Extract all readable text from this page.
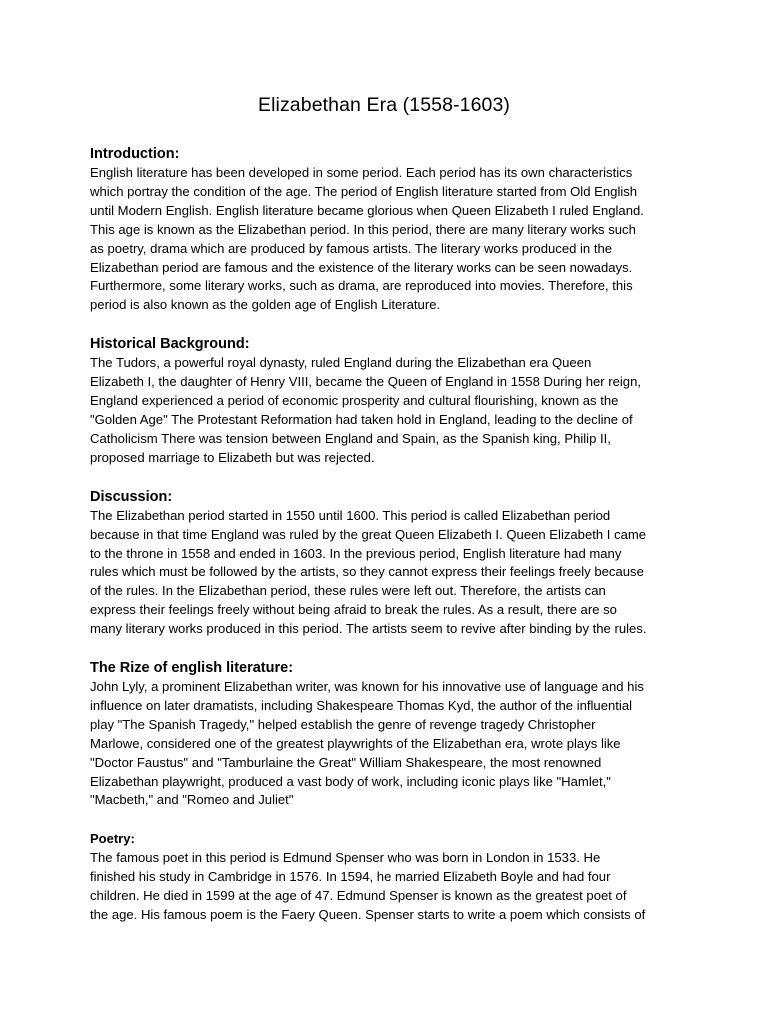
Elizabethan Era (1558-1603)
Introduction:

English literature has been developed in some period. Each period has its own characteristics
which portray the condition of the age. The period of English literature started from Old English
until Modern English. English literature became glorious when Queen Elizabeth I ruled England.
This age is known as the Elizabethan period. In this period, there are many literary works such
as poetry, drama which are produced by famous artists. The literary works produced in the
Elizabethan period are famous and the existence of the literary works can be seen nowadays.
Furthermore, some literary works, such as drama, are reproduced into movies. Therefore, this
period is also known as the golden age of English Literature.

Historical Background:

The Tudors, a powerful royal dynasty, ruled England during the Elizabethan era Queen
Elizabeth I, the daughter of Henry VIII, became the Queen of England in 1558 During her reign,
England experienced a period of economic prosperity and cultural flourishing, known as the
"Golden Age" The Protestant Reformation had taken hold in England, leading to the decline of
Catholicism There was tension between England and Spain, as the Spanish king, Philip II,
proposed marriage to Elizabeth but was rejected.

Discussion:

The Elizabethan period started in 1550 until 1600. This period is called Elizabethan period
because in that time England was ruled by the great Queen Elizabeth I. Queen Elizabeth I came
to the throne in 1558 and ended in 1603. In the previous period, English literature had many
rules which must be followed by the artists, so they cannot express their feelings freely because
of the rules. In the Elizabethan period, these rules were left out. Therefore, the artists can
express their feelings freely without being afraid to break the rules. As a result, there are so
many literary works produced in this period. The artists seem to revive after binding by the rules.

The Rize of english literature:

John Lyly, a prominent Elizabethan writer, was known for his innovative use of language and his
influence on later dramatists, including Shakespeare Thomas Kyd, the author of the influential
play "The Spanish Tragedy," helped establish the genre of revenge tragedy Christopher
Marlowe, considered one of the greatest playwrights of the Elizabethan era, wrote plays like
"Doctor Faustus" and "Tamburlaine the Great" William Shakespeare, the most renowned
Elizabethan playwright, produced a vast body of work, including iconic plays like "Hamlet,"
"Macbeth," and "Romeo and Juliet"

Poetry:

The famous poet in this period is Edmund Spenser who was born in London in 1533. He
finished his study in Cambridge in 1576. In 1594, he married Elizabeth Boyle and had four
children. He died in 1599 at the age of 47. Edmund Spenser is known as the greatest poet of
the age. His famous poem is the Faery Queen. Spenser starts to write a poem which consists of
